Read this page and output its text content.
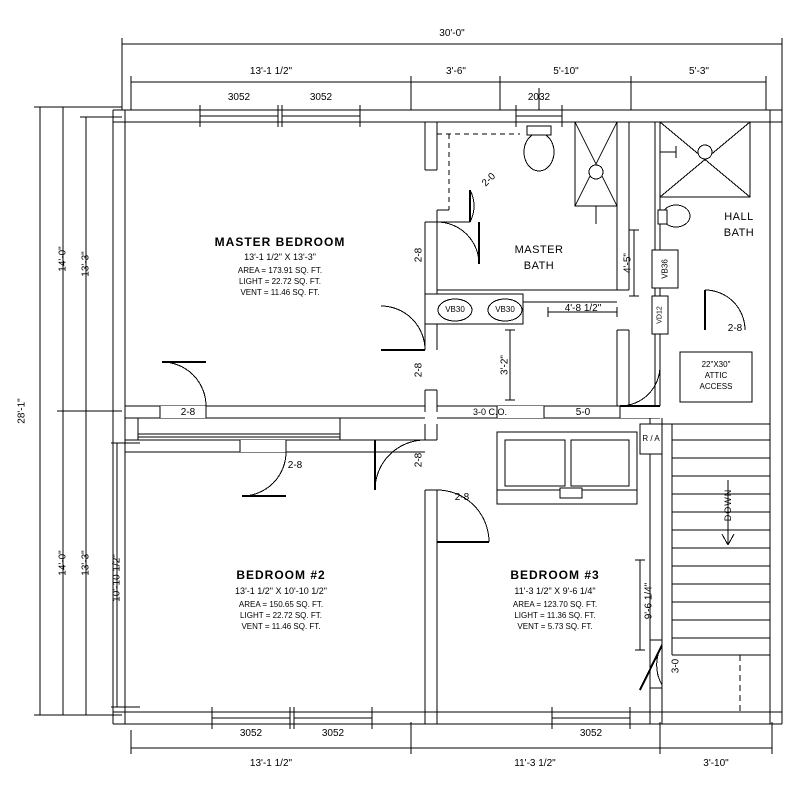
30'-0"
13'-1 1/2"	3'-6"	5'-10"	5'-3"
3052	3052	2032
28'-1"
14'-0"
14'-0"
13'-3"
13'-3" 10'-10 1/2"
13'-1 1/2"	11'-3 1/2"	3'-10"
3052	3052	3052
MASTER BEDROOM
13'-1 1/2" X 13'-3"
AREA = 173.91 SQ. FT.
LIGHT = 22.72 SQ. FT.
VENT = 11.46 SQ. FT.
MASTER
BATH
HALL
BATH
BEDROOM #2
13'-1 1/2" X 10'-10 1/2"
AREA = 150.65 SQ. FT.
LIGHT = 22.72 SQ. FT.
VENT = 11.46 SQ. FT.
BEDROOM #3
11'-3 1/2" X 9'-6 1/4"
AREA = 123.70 SQ. FT.
LIGHT = 11.36 SQ. FT.
VENT = 5.73 SQ. FT.
VB30	VB30
VB36
VD12
22"X30"
ATTIC
ACCESS
R / A
DOWN
2-0
2-8
2-8
2-8
2-8	2-8
2-8
2-8
3-0 C.O.	5-0
3-0
4'-8 1/2"
4'-5"
3'-2"
9'-6 1/4"
